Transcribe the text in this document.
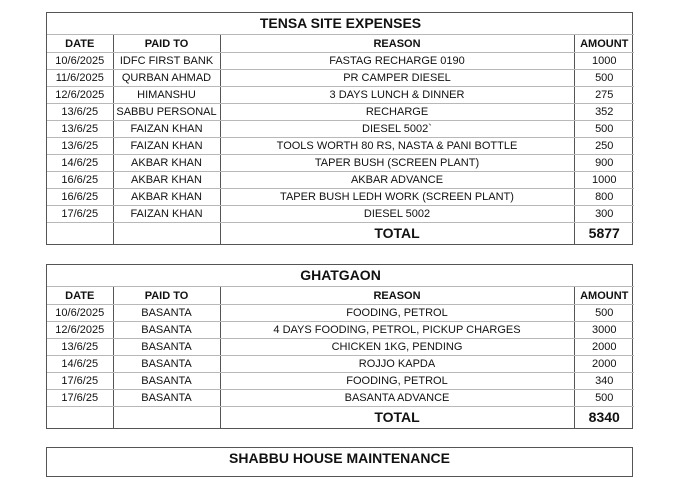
TENSA SITE EXPENSES			
DATE	PAID TO	REASON	AMOUNT
10/6/2025	IDFC FIRST BANK	FASTAG RECHARGE 0190	1000
11/6/2025	QURBAN AHMAD	PR CAMPER DIESEL	500
12/6/2025	HIMANSHU	3 DAYS LUNCH & DINNER	275
13/6/25	SABBU PERSONAL	RECHARGE	352
13/6/25	FAIZAN KHAN	DIESEL 5002`	500
13/6/25	FAIZAN KHAN	TOOLS WORTH 80 RS, NASTA & PANI BOTTLE	250
14/6/25	AKBAR KHAN	TAPER BUSH (SCREEN PLANT)	900
16/6/25	AKBAR KHAN	AKBAR ADVANCE	1000
16/6/25	AKBAR KHAN	TAPER BUSH LEDH WORK (SCREEN PLANT)	800
17/6/25	FAIZAN KHAN	DIESEL 5002	300
		TOTAL	5877
GHATGAON			
DATE	PAID TO	REASON	AMOUNT
10/6/2025	BASANTA	FOODING, PETROL	500
12/6/2025	BASANTA	4 DAYS FOODING, PETROL, PICKUP CHARGES	3000
13/6/25	BASANTA	CHICKEN 1KG, PENDING	2000
14/6/25	BASANTA	ROJJO KAPDA	2000
17/6/25	BASANTA	FOODING, PETROL	340
17/6/25	BASANTA	BASANTA ADVANCE	500
		TOTAL	8340
SHABBU HOUSE MAINTENANCE
